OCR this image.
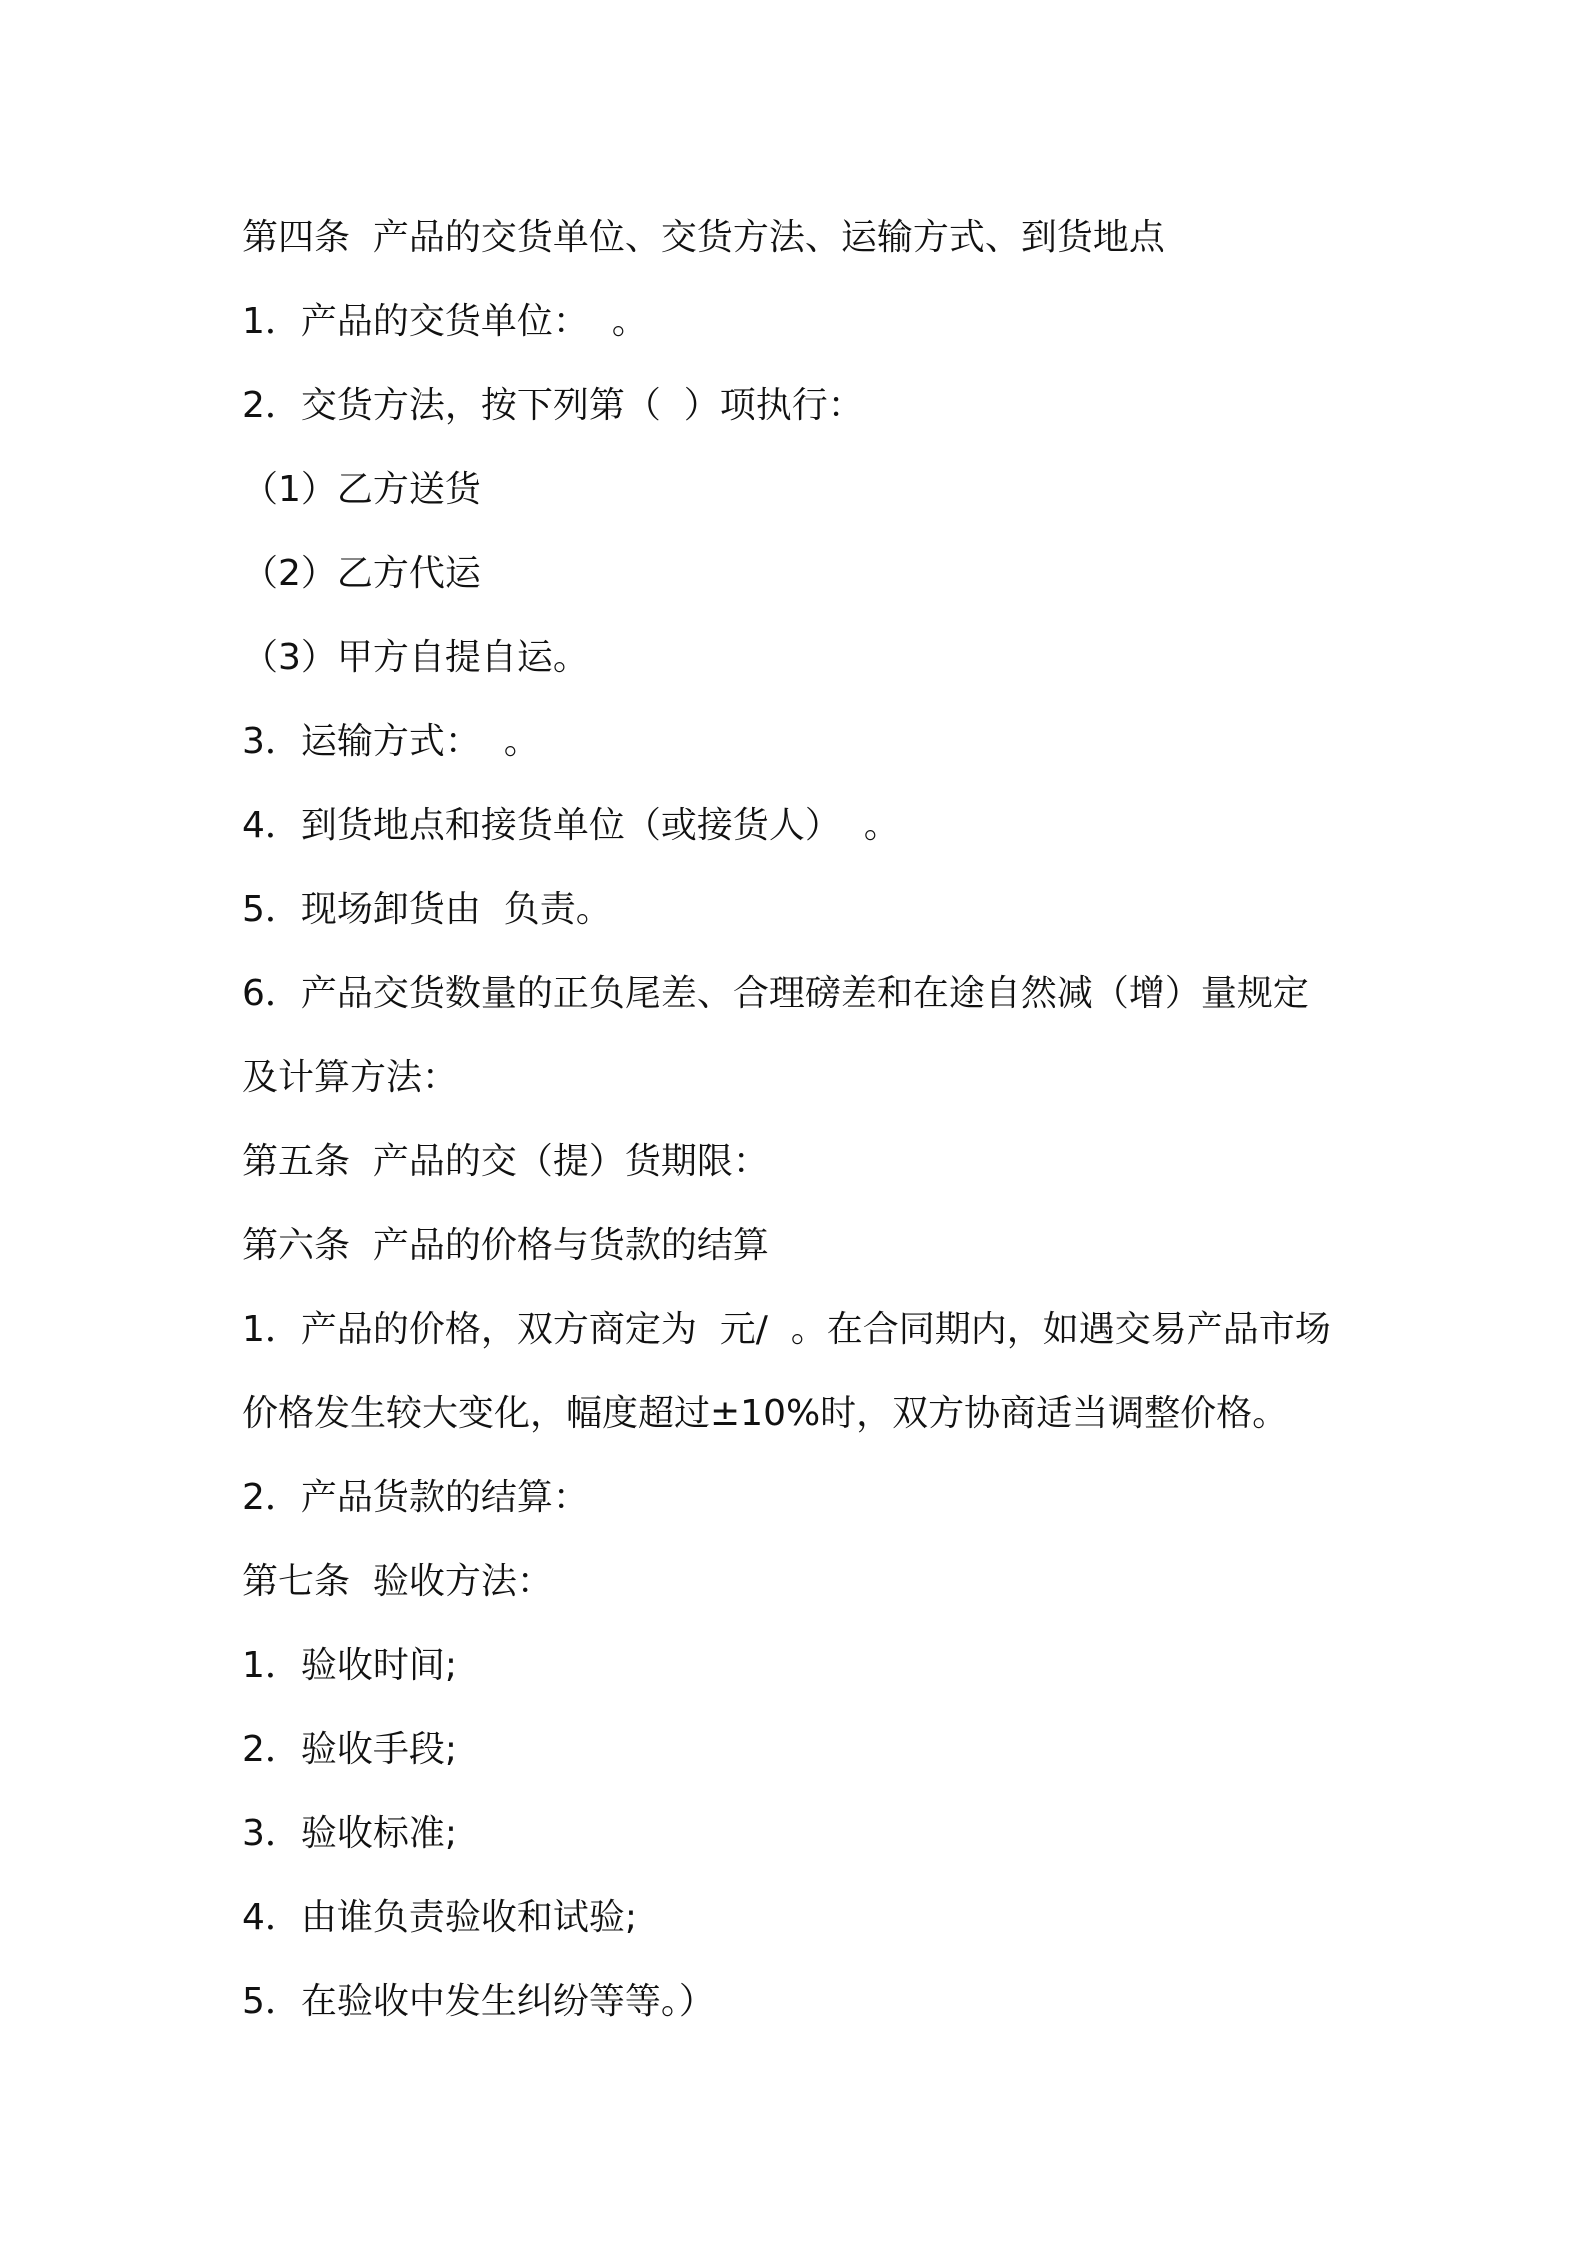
第四条  产品的交货单位、交货方法、运输方式、到货地点

1．产品的交货单位：  。

2．交货方法，按下列第（  ）项执行：

（1）乙方送货

（2）乙方代运

（3）甲方自提自运。

3．运输方式：  。

4．到货地点和接货单位（或接货人）  。

5．现场卸货由  负责。

6．产品交货数量的正负尾差、合理磅差和在途自然减（增）量规定

及计算方法：

第五条  产品的交（提）货期限：

第六条  产品的价格与货款的结算

1．产品的价格，双方商定为  元/  。在合同期内，如遇交易产品市场

价格发生较大变化，幅度超过±10%时，双方协商适当调整价格。

2．产品货款的结算：

第七条  验收方法：

1．验收时间;

2．验收手段;

3．验收标准;

4．由谁负责验收和试验;

5．在验收中发生纠纷等等。）
